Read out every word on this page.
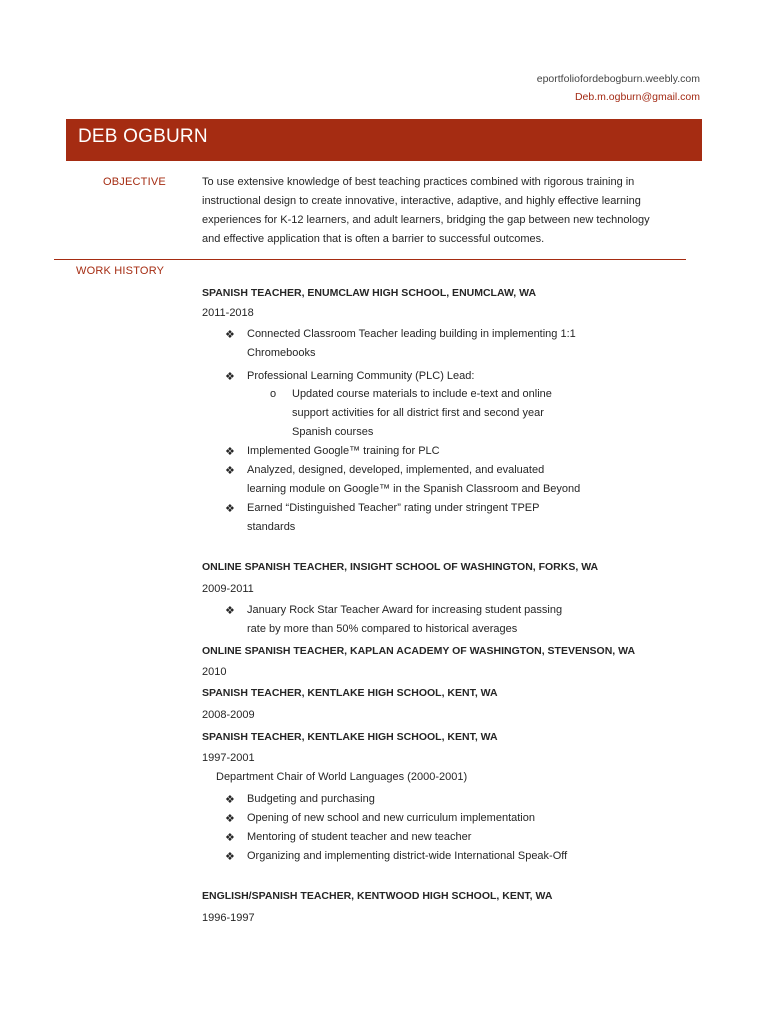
eportfoliofordebogburn.weebly.com
Deb.m.ogburn@gmail.com
DEB OGBURN
OBJECTIVE	To use extensive knowledge of best teaching practices combined with rigorous training in
instructional design to create innovative, interactive, adaptive, and highly effective learning
experiences for K-12 learners, and adult learners, bridging the gap between new technology
and effective application that is often a barrier to successful outcomes.
WORK HISTORY
SPANISH TEACHER, ENUMCLAW HIGH SCHOOL, ENUMCLAW, WA
2011-2018
❖ Connected Classroom Teacher leading building in implementing 1:1
Chromebooks
❖ Professional Learning Community (PLC) Lead:
o Updated course materials to include e-text and online
support activities for all district first and second year
Spanish courses
❖ Implemented Google™ training for PLC
❖ Analyzed, designed, developed, implemented, and evaluated
learning module on Google™ in the Spanish Classroom and Beyond
❖ Earned “Distinguished Teacher” rating under stringent TPEP
standards
ONLINE SPANISH TEACHER, INSIGHT SCHOOL OF WASHINGTON, FORKS, WA
2009-2011
❖ January Rock Star Teacher Award for increasing student passing
rate by more than 50% compared to historical averages
ONLINE SPANISH TEACHER, KAPLAN ACADEMY OF WASHINGTON, STEVENSON, WA
2010
SPANISH TEACHER, KENTLAKE HIGH SCHOOL, KENT, WA
2008-2009
SPANISH TEACHER, KENTLAKE HIGH SCHOOL, KENT, WA
1997-2001
Department Chair of World Languages (2000-2001)
❖ Budgeting and purchasing
❖ Opening of new school and new curriculum implementation
❖ Mentoring of student teacher and new teacher
❖ Organizing and implementing district-wide International Speak-Off
ENGLISH/SPANISH TEACHER, KENTWOOD HIGH SCHOOL, KENT, WA
1996-1997
